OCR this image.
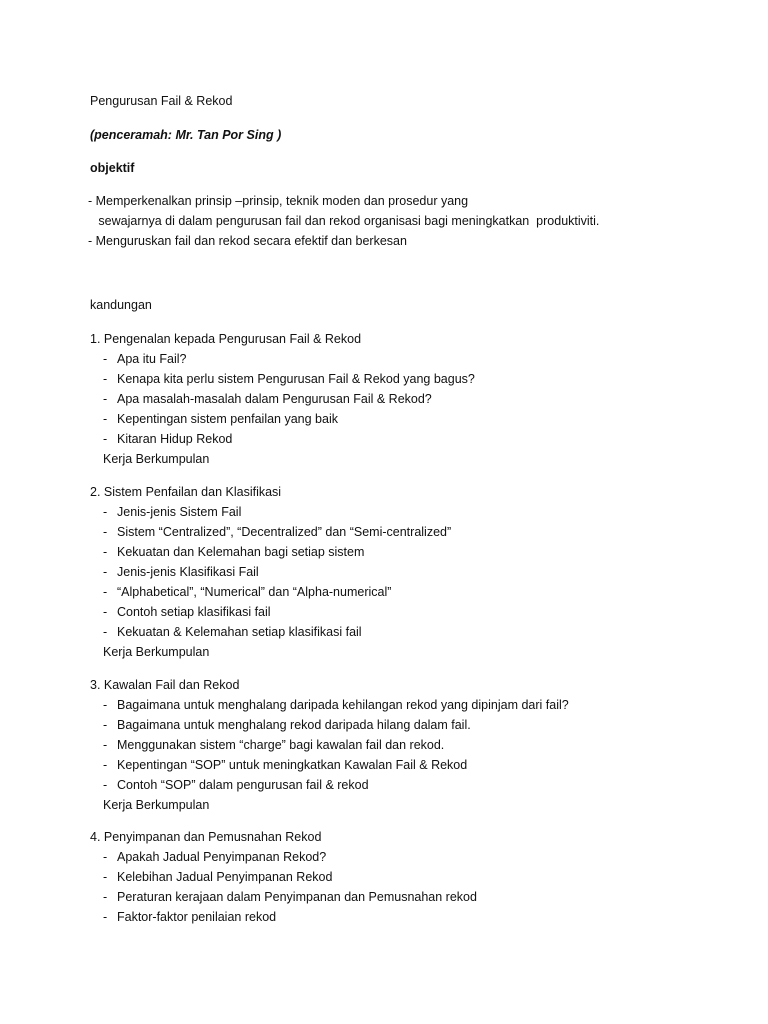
Pengurusan Fail & Rekod
(penceramah: Mr. Tan Por Sing )
objektif
- Memperkenalkan prinsip –prinsip, teknik moden dan prosedur yang
sewajarnya di dalam pengurusan fail dan rekod organisasi bagi meningkatkan  produktiviti.
- Menguruskan fail dan rekod secara efektif dan berkesan
kandungan
1. Pengenalan kepada Pengurusan Fail & Rekod
- Apa itu Fail?
- Kenapa kita perlu sistem Pengurusan Fail & Rekod yang bagus?
- Apa masalah-masalah dalam Pengurusan Fail & Rekod?
- Kepentingan sistem penfailan yang baik
- Kitaran Hidup Rekod
Kerja Berkumpulan
2. Sistem Penfailan dan Klasifikasi
- Jenis-jenis Sistem Fail
- Sistem “Centralized”, “Decentralized” dan “Semi-centralized”
- Kekuatan dan Kelemahan bagi setiap sistem
- Jenis-jenis Klasifikasi Fail
- “Alphabetical”, “Numerical” dan “Alpha-numerical”
- Contoh setiap klasifikasi fail
- Kekuatan & Kelemahan setiap klasifikasi fail
Kerja Berkumpulan
3. Kawalan Fail dan Rekod
- Bagaimana untuk menghalang daripada kehilangan rekod yang dipinjam dari fail?
- Bagaimana untuk menghalang rekod daripada hilang dalam fail.
- Menggunakan sistem “charge” bagi kawalan fail dan rekod.
- Kepentingan “SOP” untuk meningkatkan Kawalan Fail & Rekod
- Contoh “SOP” dalam pengurusan fail & rekod
Kerja Berkumpulan
4. Penyimpanan dan Pemusnahan Rekod
- Apakah Jadual Penyimpanan Rekod?
- Kelebihan Jadual Penyimpanan Rekod
- Peraturan kerajaan dalam Penyimpanan dan Pemusnahan rekod
- Faktor-faktor penilaian rekod
